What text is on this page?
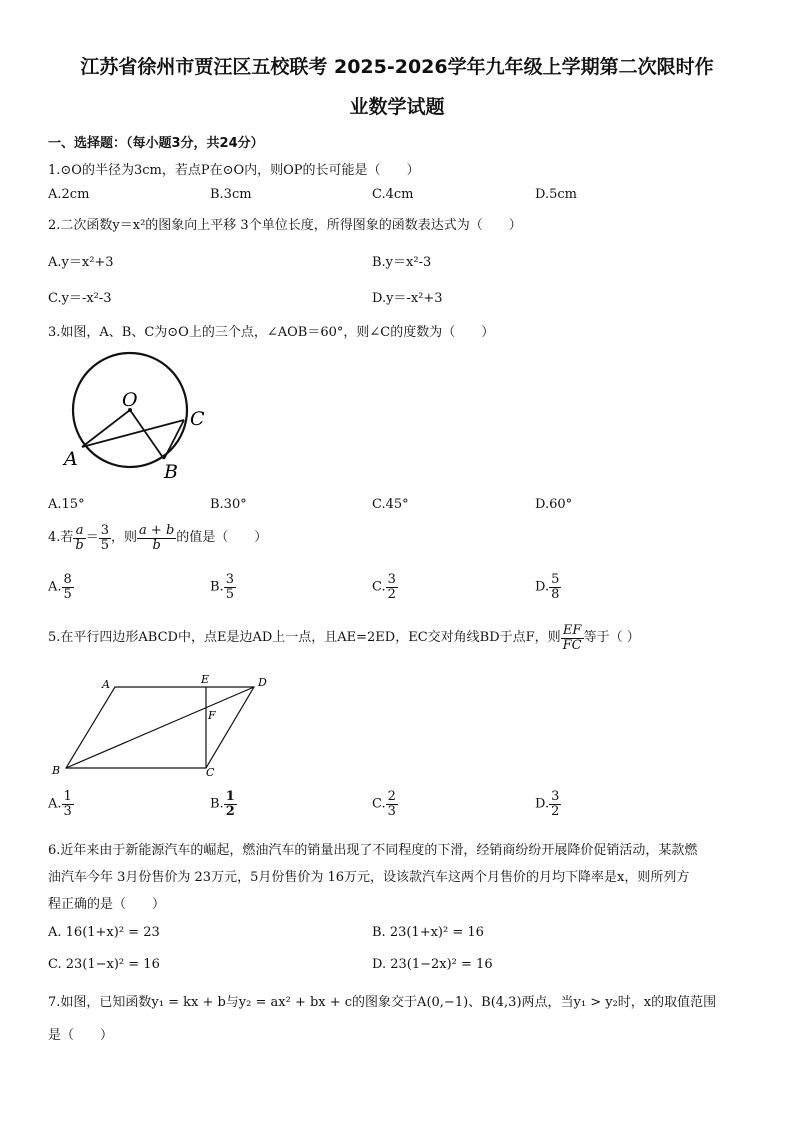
江苏省徐州市贾汪区五校联考 2025-2026学年九年级上学期第二次限时作
业数学试题
一、选择题：（每小题3分，共24分）
1.⊙O的半径为3cm，若点P在⊙O内，则OP的长可能是（　　）
A.2cm	B.3cm	C.4cm	D.5cm
2.二次函数y＝x²的图象向上平移 3个单位长度，所得图象的函数表达式为（　　）
A.y＝x²+3	B.y＝x²-3
C.y＝-x²-3	D.y＝-x²+3
3.如图，A、B、C为⊙O上的三个点，∠AOB＝60°，则∠C的度数为（　　）
O
A
B
C
A.15°	B.30°	C.45°	D.60°
4.若 $\frac{a}{b} = \frac{3}{5}$ ，则 $\frac{a + b}{b}$ 的值是（　　）
A. $\frac{8}{5}$	B. $\frac{3}{5}$	C. $\frac{3}{2}$	D. $\frac{5}{8}$
5.在平行四边形ABCD中，点E是边AD上一点，且AE=2ED，EC交对角线BD于点F，则 $\frac{EF}{FC}$ 等于（ ）
A	E	D
F
B	C
A. $\frac{1}{3}$	B. $\frac{1}{2}$	C. $\frac{2}{3}$	D. $\frac{3}{2}$
6.近年来由于新能源汽车的崛起，燃油汽车的销量出现了不同程度的下滑，经销商纷纷开展降价促销活动，某款燃
油汽车今年 3月份售价为 23万元，5月份售价为 16万元，设该款汽车这两个月售价的月均下降率是x，则所列方
程正确的是（　　）
A. 16(1+x)² = 23	B. 23(1+x)² = 16
C. 23(1−x)² = 16	D. 23(1−2x)² = 16
7.如图，已知函数y₁ = kx + b与y₂ = ax² + bx + c的图象交于A(0,−1)、B(4,3)两点，当y₁ > y₂时，x的取值范围
是（　　）
